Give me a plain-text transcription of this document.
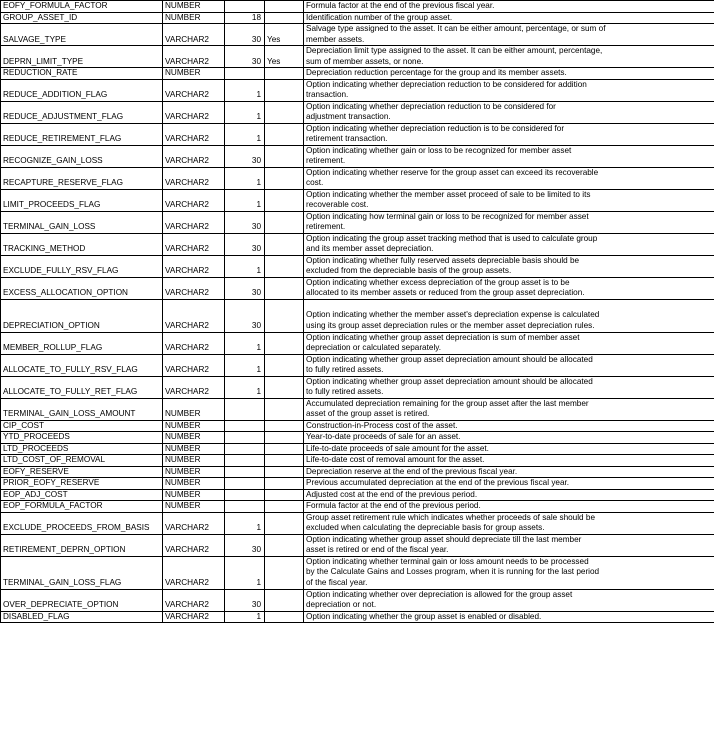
EOFY_FORMULA_FACTOR	NUMBER			Formula factor at the end of the previous fiscal year.

GROUP_ASSET_ID	NUMBER	18		Identification number of the group asset.

SALVAGE_TYPE	VARCHAR2	30	Yes	Salvage type assigned to the asset. It can be either amount, percentage, or sum of
member assets.

DEPRN_LIMIT_TYPE	VARCHAR2	30	Yes	Depreciation limit type assigned to the asset. It can be either amount, percentage,
sum of member assets, or none.

REDUCTION_RATE	NUMBER			Depreciation reduction percentage for the group and its member assets.

REDUCE_ADDITION_FLAG	VARCHAR2	1		Option indicating whether depreciation reduction to be considered for addition
transaction.

REDUCE_ADJUSTMENT_FLAG	VARCHAR2	1		Option indicating whether depreciation reduction to be considered for
adjustment transaction.

REDUCE_RETIREMENT_FLAG	VARCHAR2	1		Option indicating whether depreciation reduction is to be considered for
retirement transaction.

RECOGNIZE_GAIN_LOSS	VARCHAR2	30		Option indicating whether gain or loss to be recognized for member asset
retirement.

RECAPTURE_RESERVE_FLAG	VARCHAR2	1		Option indicating whether reserve for the group asset can exceed its recoverable
cost.

LIMIT_PROCEEDS_FLAG	VARCHAR2	1		Option indicating whether the member asset proceed of sale to be limited to its
recoverable cost.

TERMINAL_GAIN_LOSS	VARCHAR2	30		Option indicating how terminal gain or loss to be recognized for member asset
retirement.

TRACKING_METHOD	VARCHAR2	30		Option indicating the group asset tracking method that is used to calculate group
and its member asset depreciation.

EXCLUDE_FULLY_RSV_FLAG	VARCHAR2	1		Option indicating whether fully reserved assets depreciable basis should be
excluded from the depreciable basis of the group assets.

EXCESS_ALLOCATION_OPTION	VARCHAR2	30		Option indicating whether excess depreciation of the group asset is to be
allocated to its member assets or reduced from the group asset depreciation.

DEPRECIATION_OPTION	VARCHAR2	30		Option indicating whether the member asset's depreciation expense is calculated
using its group asset depreciation rules or the member asset depreciation rules.

MEMBER_ROLLUP_FLAG	VARCHAR2	1		Option indicating whether group asset depreciation is sum of member asset
depreciation or calculated separately.

ALLOCATE_TO_FULLY_RSV_FLAG	VARCHAR2	1		Option indicating whether group asset depreciation amount should be allocated
to fully retired assets.

ALLOCATE_TO_FULLY_RET_FLAG	VARCHAR2	1		Option indicating whether group asset depreciation amount should be allocated
to fully retired assets.

TERMINAL_GAIN_LOSS_AMOUNT	NUMBER			Accumulated depreciation remaining for the group asset after the last member
asset of the group asset is retired.

CIP_COST	NUMBER			Construction-in-Process cost of the asset.

YTD_PROCEEDS	NUMBER			Year-to-date proceeds of sale for an asset.

LTD_PROCEEDS	NUMBER			Life-to-date proceeds of sale amount for the asset.

LTD_COST_OF_REMOVAL	NUMBER			Life-to-date cost of removal amount for the asset.

EOFY_RESERVE	NUMBER			Depreciation reserve at the end of the previous fiscal year.

PRIOR_EOFY_RESERVE	NUMBER			Previous accumulated depreciation at the end of the previous fiscal year.

EOP_ADJ_COST	NUMBER			Adjusted cost at the end of the previous period.

EOP_FORMULA_FACTOR	NUMBER			Formula factor at the end of the previous period.

EXCLUDE_PROCEEDS_FROM_BASIS	VARCHAR2	1		Group asset retirement rule which indicates whether proceeds of sale should be
excluded when calculating the depreciable basis for group assets.

RETIREMENT_DEPRN_OPTION	VARCHAR2	30		Option indicating whether group asset should depreciate till the last member
asset is retired or end of the fiscal year.

TERMINAL_GAIN_LOSS_FLAG	VARCHAR2	1		Option indicating whether terminal gain or loss amount needs to be processed
by the Calculate Gains and Losses program, when it is running for the last period
of the fiscal year.

OVER_DEPRECIATE_OPTION	VARCHAR2	30		Option indicating whether over depreciation is allowed for the group asset
depreciation or not.

DISABLED_FLAG	VARCHAR2	1		Option indicating whether the group asset is enabled or disabled.
